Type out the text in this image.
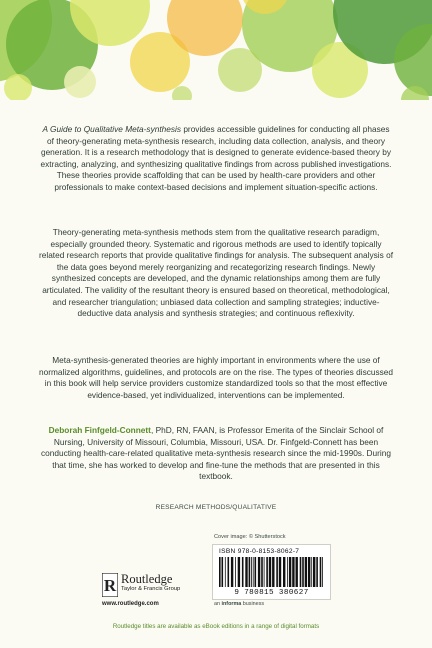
A Guide to Qualitative Meta-synthesis provides accessible guidelines for conducting all phases of theory-generating meta-synthesis research, including data collection, analysis, and theory generation. It is a research methodology that is designed to generate evidence-based theory by extracting, analyzing, and synthesizing qualitative findings from across published investigations. These theories provide scaffolding that can be used by health-care providers and other professionals to make context-based decisions and implement situation-specific actions.
Theory-generating meta-synthesis methods stem from the qualitative research paradigm, especially grounded theory. Systematic and rigorous methods are used to identify topically related research reports that provide qualitative findings for analysis. The subsequent analysis of the data goes beyond merely reorganizing and recategorizing research findings. Newly synthesized concepts are developed, and the dynamic relationships among them are fully articulated. The validity of the resultant theory is ensured based on theoretical, methodological, and researcher triangulation; unbiased data collection and sampling strategies; inductive-deductive data analysis and synthesis strategies; and continuous reflexivity.
Meta-synthesis-generated theories are highly important in environments where the use of normalized algorithms, guidelines, and protocols are on the rise. The types of theories discussed in this book will help service providers customize standardized tools so that the most effective evidence-based, yet individualized, interventions can be implemented.
Deborah Finfgeld-Connett, PhD, RN, FAAN, is Professor Emerita of the Sinclair School of Nursing, University of Missouri, Columbia, Missouri, USA. Dr. Finfgeld-Connett has been conducting health-care-related qualitative meta-synthesis research since the mid-1990s. During that time, she has worked to develop and fine-tune the methods that are presented in this textbook.
RESEARCH METHODS/QUALITATIVE
Cover image: © Shutterstock
ISBN 978-0-8153-8062-7
9 780815 380627
an informa business
R Routledge
Taylor & Francis Group
www.routledge.com
Routledge titles are available as eBook editions in a range of digital formats
